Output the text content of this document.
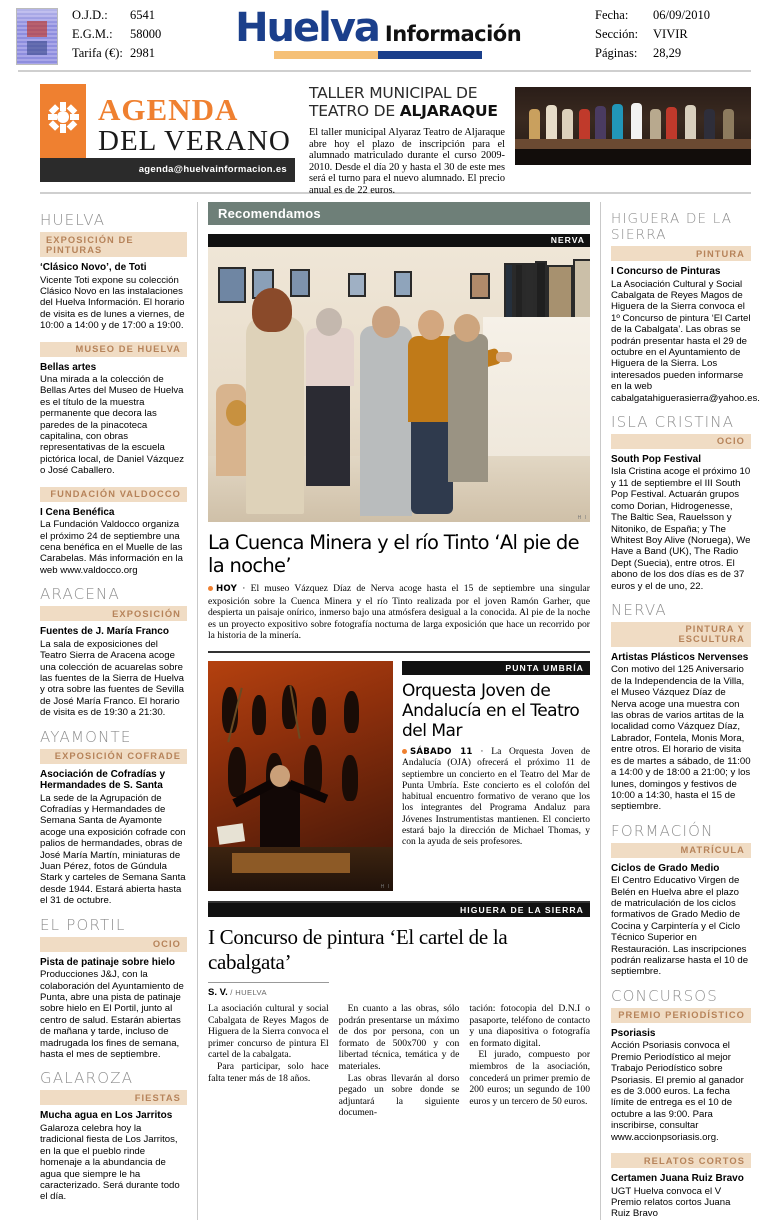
O.J.D.: 6541
E.G.M.: 58000
Tarifa (€): 2981
Huelva Información
Fecha: 06/09/2010
Sección: VIVIR
Páginas: 28,29
AGENDA
DEL VERANO
agenda@huelvainformacion.es
TALLER MUNICIPAL DE
TEATRO DE ALJARAQUE
El taller municipal Alyaraz Teatro de Aljaraque abre hoy el plazo de inscripción para el alumnado matriculado durante el curso 2009-2010. Desde el día 20 y hasta el 30 de este mes será el turno para el nuevo alumnado. El precio anual es de 22 euros.
HUELVA
EXPOSICIÓN DE PINTURAS
‘Clásico Novo’, de Toti
Vicente Toti expone su colección Clásico Novo en las instalaciones del Huelva Información. El horario de visita es de lunes a viernes, de 10:00 a 14:00 y de 17:00 a 19:00.
MUSEO DE HUELVA
Bellas artes
Una mirada a la colección de Bellas Artes del Museo de Huelva es el título de la muestra permanente que decora las paredes de la pinacoteca capitalina, con obras representativas de la escuela pictórica local, de Daniel Vázquez o José Caballero.
FUNDACIÓN VALDOCCO
I Cena Benéfica
La Fundación Valdocco organiza el próximo 24 de septiembre una cena benéfica en el Muelle de las Carabelas. Más información en la web www.valdocco.org
ARACENA
EXPOSICIÓN
Fuentes de J. María Franco
La sala de exposiciones del Teatro Sierra de Aracena acoge una colección de acuarelas sobre las fuentes de la Sierra de Huelva y otra sobre las fuentes de Sevilla de José María Franco. El horario de visita es de 19:30 a 21:30.
AYAMONTE
EXPOSICIÓN COFRADE
Asociación de Cofradías y Hermandades de S. Santa
La sede de la Agrupación de Cofradías y Hermandades de Semana Santa de Ayamonte acoge una exposición cofrade con palios de hermandades, obras de José María Martín, miniaturas de Juan Pérez, fotos de Gúndula Stark y carteles de Semana Santa desde 1944. Estará abierta hasta el 31 de octubre.
EL PORTIL
OCIO
Pista de patinaje sobre hielo
Producciones J&J, con la colaboración del Ayuntamiento de Punta, abre una pista de patinaje sobre hielo en El Portil, junto al centro de salud. Estarán abiertas de mañana y tarde, incluso de madrugada los fines de semana, hasta el mes de septiembre.
GALAROZA
FIESTAS
Mucha agua en Los Jarritos
Galaroza celebra hoy la tradicional fiesta de Los Jarritos, en la que el pueblo rinde homenaje a la abundancia de agua que siempre le ha caracterizado. Será durante todo el día.
Recomendamos
NERVA
H I
La Cuenca Minera y el río Tinto ‘Al pie de la noche’
HOY · El museo Vázquez Díaz de Nerva acoge hasta el 15 de septiembre una singular exposición sobre la Cuenca Minera y el río Tinto realizada por el joven Ramón Garher, que despierta un paisaje onírico, inmerso bajo una atmósfera desigual a la conocida. Al pie de la noche es un proyecto expositivo sobre fotografía nocturna de larga exposición que hace un recorrido por la historia de la minería.
H I
PUNTA UMBRÍA
Orquesta Joven de Andalucía en el Teatro del Mar
SÁBADO 11 · La Orquesta Joven de Andalucía (OJA) ofrecerá el próximo 11 de septiembre un concierto en el Teatro del Mar de Punta Umbría. Este concierto es el colofón del habitual encuentro formativo de verano que los los integrantes del Programa Andaluz para Jóvenes Instrumentistas mantienen. El concierto estará bajo la dirección de Michael Thomas, y con la ayuda de seis profesores.
HIGUERA DE LA SIERRA
I Concurso de pintura ‘El cartel de la cabalgata’
S. V. / HUELVA

La asociación cultural y social Cabalgata de Reyes Magos de Higuera de la Sierra convoca el primer concurso de pintura El cartel de la cabalgata.

Para participar, solo hace falta tener más de 18 años.

En cuanto a las obras, sólo podrán presentarse un máximo de dos por persona, con un formato de 500x700 y con libertad técnica, temática y de materiales.

Las obras llevarán al dorso pegado un sobre donde se adjuntará la siguiente documen-

tación: fotocopia del D.N.I o pasaporte, teléfono de contacto y una diapositiva o fotografía en formato digital.

El jurado, compuesto por miembros de la asociación, concederá un primer premio de 200 euros; un segundo de 100 euros y un tercero de 50 euros.

HIGUERA DE LA SIERRA
PINTURA
I Concurso de Pinturas
La Asociación Cultural y Social Cabalgata de Reyes Magos de Higuera de la Sierra convoca el 1º Concurso de pintura ‘El Cartel de la Cabalgata’. Las obras se podrán presentar hasta el 29 de octubre en el Ayuntamiento de Higuera de la Sierra. Los interesados pueden informarse en la web cabalgatahiguerasierra@yahoo.es.
ISLA CRISTINA
OCIO
South Pop Festival
Isla Cristina acoge el próximo 10 y 11 de septiembre el III South Pop Festival. Actuarán grupos como Dorian, Hidrogenesse, The Baltic Sea, Rauelsson y Nitoniko, de España; y The Whitest Boy Alive (Noruega), We Have a Band (UK), The Radio Dept (Suecia), entre otros. El abono de los dos días es de 37 euros y el de uno, 22.
NERVA
PINTURA Y ESCULTURA
Artistas Plásticos Nervenses
Con motivo del 125 Aniversario de la Independencia de la Villa, el Museo Vázquez Díaz de Nerva acoge una muestra con las obras de varios artitas de la localidad como Vázquez Díaz, Labrador, Fontela, Monis Mora, entre otros. El horario de visita es de martes a sábado, de 11:00 a 14:00 y de 18:00 a 21:00; y los lunes, domingos y festivos de 10:00 a 14:30, hasta el 15 de septiembre.
FORMACIÓN
MATRÍCULA
Ciclos de Grado Medio
El Centro Educativo Virgen de Belén en Huelva abre el plazo de matriculación de los ciclos formativos de Grado Medio de Cocina y Carpintería y el Ciclo Técnico Superior en Restauración. Las inscripciones podrán realizarse hasta el 10 de septiembre.
CONCURSOS
PREMIO PERIODÍSTICO
Psoriasis
Acción Psoriasis convoca el Premio Periodístico al mejor Trabajo Periodístico sobre Psoriasis. El premio al ganador es de 3.000 euros. La fecha límite de entrega es el 10 de octubre a las 9:00. Para inscribirse, consultar www.accionpsoriasis.org.
RELATOS CORTOS
Certamen Juana Ruiz Bravo
UGT Huelva convoca el V Premio relatos cortos Juana Ruiz Bravo
